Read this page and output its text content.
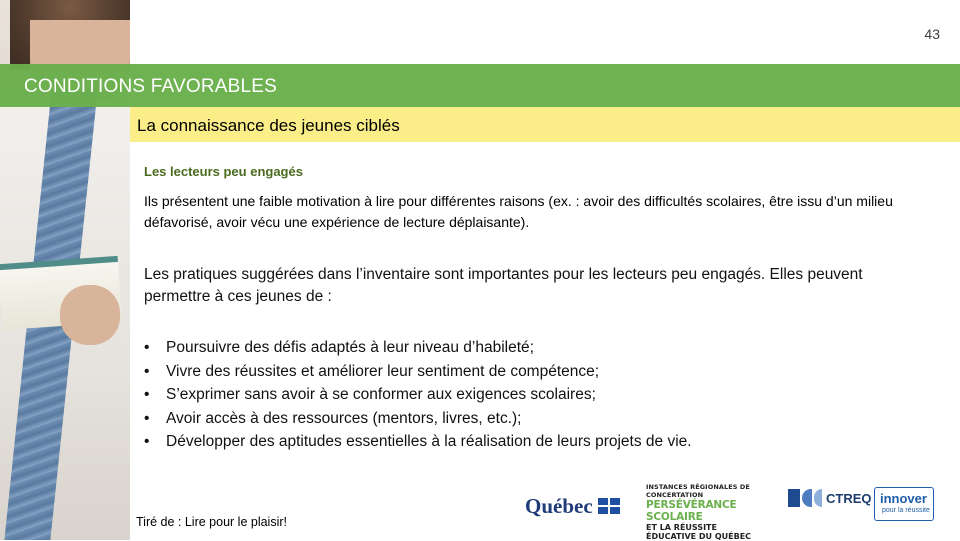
43
CONDITIONS FAVORABLES
La connaissance des jeunes ciblés
Les lecteurs peu engagés
Ils présentent une faible motivation à lire pour différentes raisons (ex. : avoir des difficultés scolaires, être issu d’un milieu défavorisé, avoir vécu une expérience de lecture déplaisante).
Les pratiques suggérées dans l’inventaire sont importantes pour les lecteurs peu engagés. Elles peuvent permettre à ces jeunes de :
• Poursuivre des défis adaptés à leur niveau d’habileté;
• Vivre des réussites et améliorer leur sentiment de compétence;
• S’exprimer sans avoir à se conformer aux exigences scolaires;
• Avoir accès à des ressources (mentors, livres, etc.);
• Développer des aptitudes essentielles à la réalisation de leurs projets de vie.
Tiré de : Lire pour le plaisir!
Québec
INSTANCES RÉGIONALES DE CONCERTATION
PERSÉVÉRANCE SCOLAIRE
ET LA RÉUSSITE ÉDUCATIVE DU QUÉBEC
CTREQ innover
pour la réussite
